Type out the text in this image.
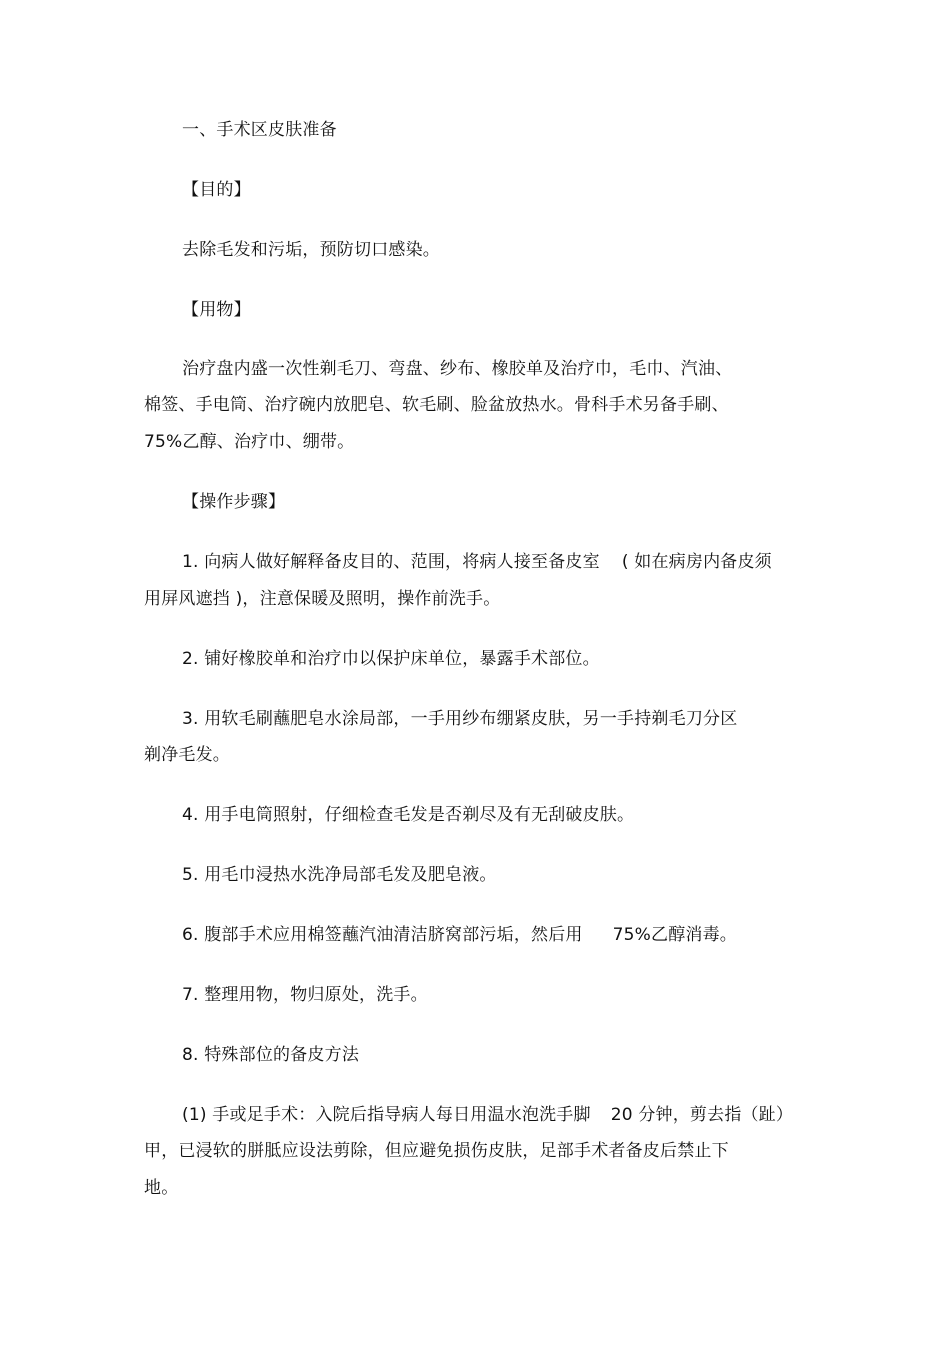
一、手术区皮肤准备
【目的】
去除毛发和污垢，预防切口感染。
【用物】
治疗盘内盛一次性剃毛刀、弯盘、纱布、橡胶单及治疗巾，毛巾、汽油、
棉签、手电筒、治疗碗内放肥皂、软毛刷、脸盆放热水。骨科手术另备手刷、
75%乙醇、治疗巾、绷带。
【操作步骤】
1. 向病人做好解释备皮目的、范围，将病人接至备皮室 ( 如在病房内备皮须
用屏风遮挡 )，注意保暖及照明，操作前洗手。
2. 铺好橡胶单和治疗巾以保护床单位，暴露手术部位。
3. 用软毛刷蘸肥皂水涂局部，一手用纱布绷紧皮肤，另一手持剃毛刀分区
剃净毛发。
4. 用手电筒照射，仔细检查毛发是否剃尽及有无刮破皮肤。
5. 用毛巾浸热水洗净局部毛发及肥皂液。
6. 腹部手术应用棉签蘸汽油清洁脐窝部污垢，然后用 75%乙醇消毒。
7. 整理用物，物归原处，洗手。
8. 特殊部位的备皮方法
(1) 手或足手术：入院后指导病人每日用温水泡洗手脚 20 分钟，剪去指（趾）
甲，已浸软的胼胝应设法剪除，但应避免损伤皮肤，足部手术者备皮后禁止下
地。
